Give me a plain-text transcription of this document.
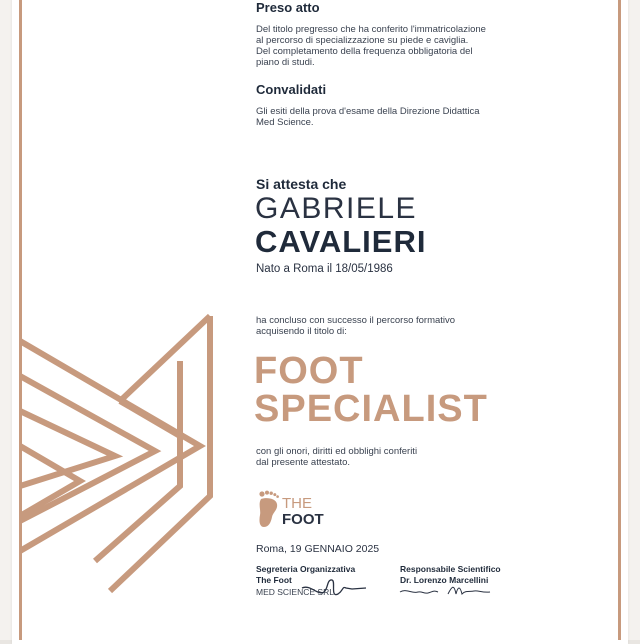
Preso atto
Del titolo pregresso che ha conferito l'immatricolazione
al percorso di specializzazione su piede e caviglia.
Del completamento della frequenza obbligatoria del
piano di studi.
Convalidati
Gli esiti della prova d'esame della Direzione Didattica
Med Science.
Si attesta che
GABRIELE
CAVALIERI
Nato a Roma il 18/05/1986
ha concluso con successo il percorso formativo
acquisendo il titolo di:
FOOT
SPECIALIST
con gli onori, diritti ed obblighi conferiti
dal presente attestato.
THE
FOOT
Roma, 19 GENNAIO 2025
Segreteria Organizzativa
The Foot
MED SCIENCE SRL
Responsabile Scientifico
Dr. Lorenzo Marcellini
